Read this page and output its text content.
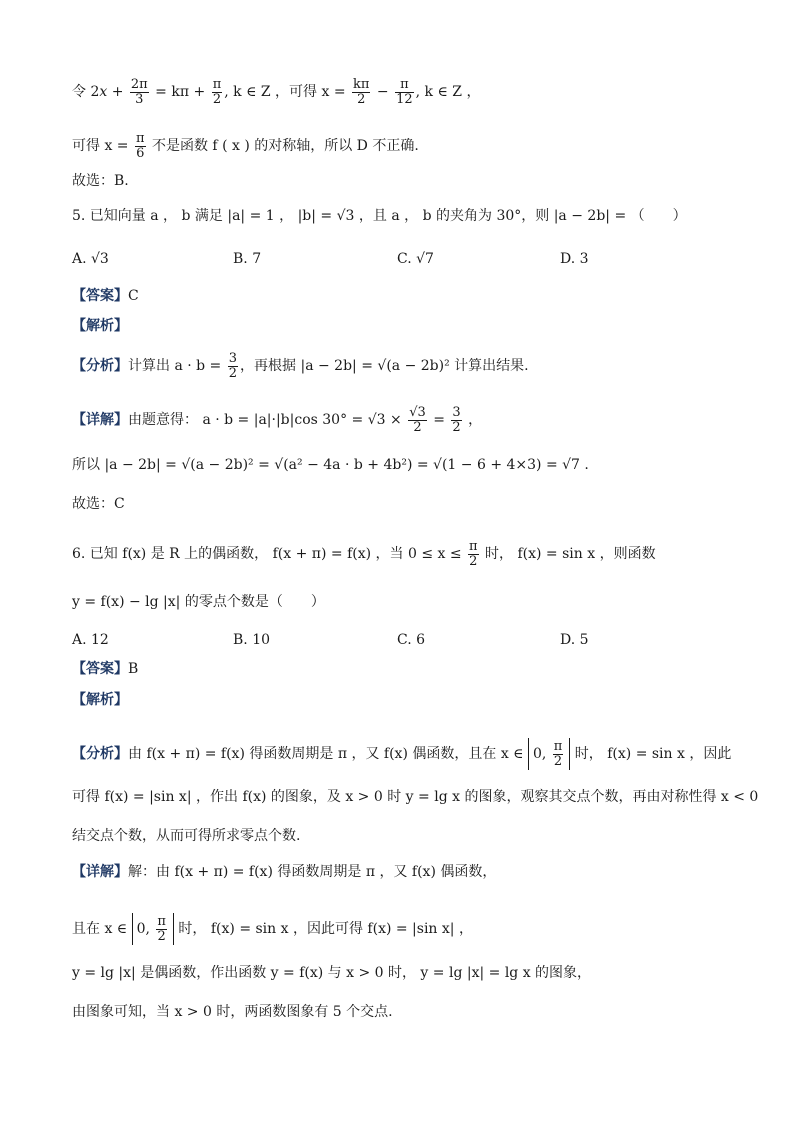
令 $2x + \frac{2\pi}{3} = k\pi + \frac{\pi}{2}$ , k ∈ Z ，可得 $x = \frac{k\pi}{2} - \frac{\pi}{12}$ , k ∈ Z ，
可得 $x = \frac{\pi}{6}$ 不是函数 f ( x ) 的对称轴，所以 D 不正确.
故选：B.
5. 已知向量 a ， b 满足 |a| = 1 ， |b| = √3 ，且 a ， b 的夹角为 30°，则 |a − 2b| = （　　）
A. √3	B. 7	C. √7	D. 3
【答案】C
【解析】
【分析】计算出 $a \cdot b = \frac{3}{2}$ ，再根据 |a − 2b| = √(a − 2b)² 计算出结果.
【详解】由题意得： a · b = |a|·|b|cos $30^\circ = √3 \times \frac{√3}{2} = \frac{3}{2}$ ，
所以 |a − 2b| = √(a − 2b)² = √(a² − 4a · b + 4b²) = √(1 − 6 + 4×3) = √7 .
故选：C
6. 已知 f(x) 是 R 上的偶函数， f(x + π) = f(x) ，当 $0 \le x \le \frac{\pi}{2}$ 时， f(x) = sin x ，则函数
y = f(x) − lg |x| 的零点个数是（　　）
A. 12	B. 10	C. 6	D. 5
【答案】B
【解析】
【分析】由 f(x + π) = f(x) 得函数周期是 π ，又 f(x) 偶函数，且在 x ∈ 0, $\frac{\pi}{2}$ 时， f(x) = sin x ，因此
可得 f(x) = |sin x| ，作出 f(x) 的图象，及 x > 0 时 y = lg x 的图象，观察其交点个数，再由对称性得 x < 0
结交点个数，从而可得所求零点个数.
【详解】解：由 f(x + π) = f(x) 得函数周期是 π ，又 f(x) 偶函数，
且在 x ∈ 0, $\frac{\pi}{2}$ 时， f(x) = sin x ，因此可得 f(x) = |sin x| ，
y = lg |x| 是偶函数，作出函数 y = f(x) 与 x > 0 时， y = lg |x| = lg x 的图象，
由图象可知，当 x > 0 时，两函数图象有 5 个交点.
